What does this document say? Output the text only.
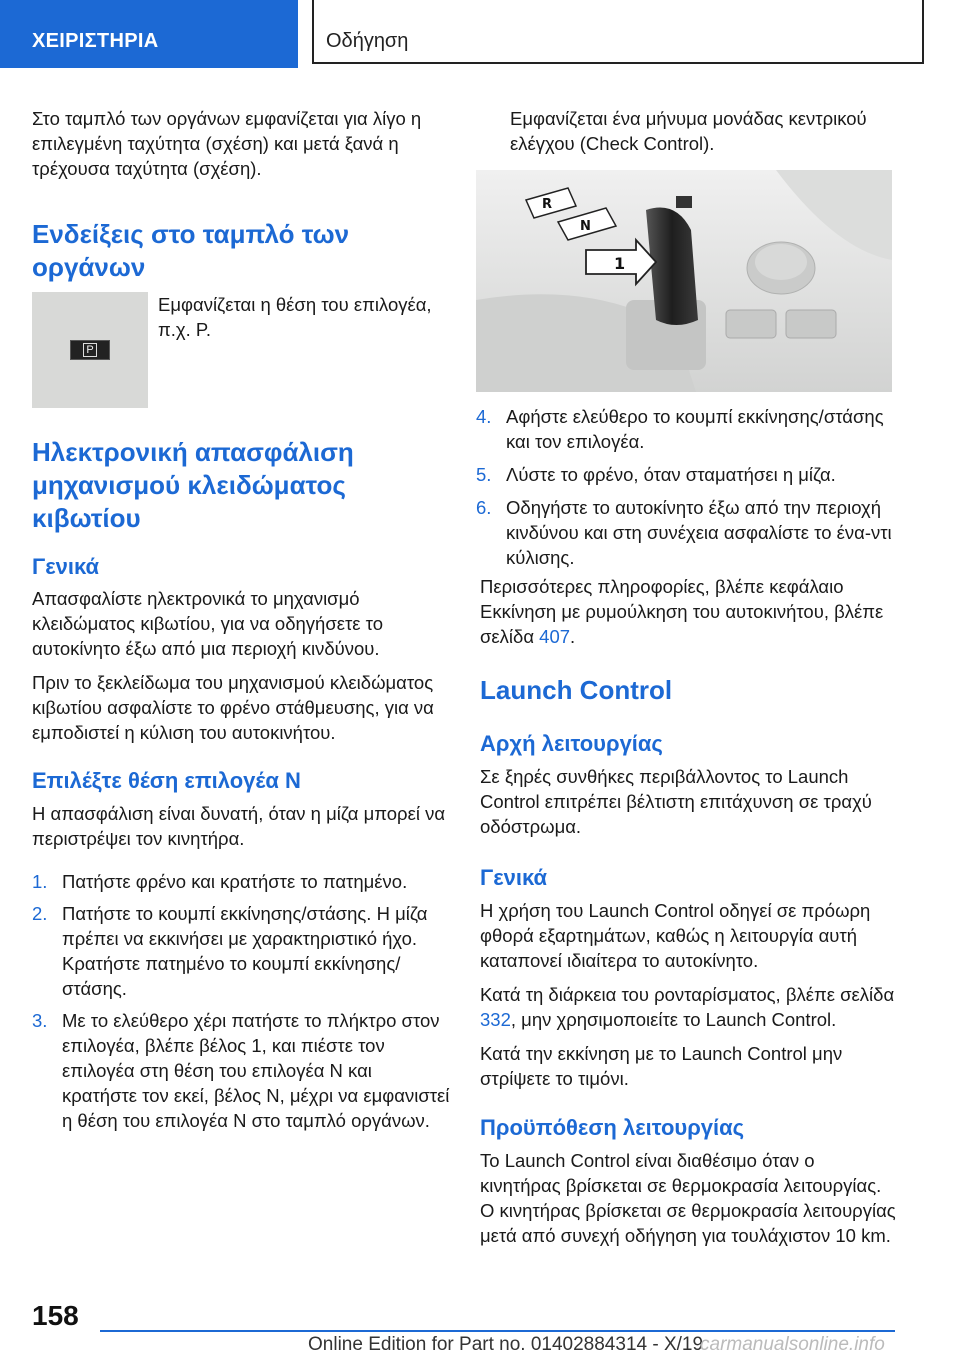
ΧΕΙΡΙΣΤΗΡΙΑ	Οδήγηση

Στο ταμπλό των οργάνων εμφανίζεται για λίγο η επιλεγμένη ταχύτητα (σχέση) και μετά ξανά η τρέχουσα ταχύτητα (σχέση).

Ενδείξεις στο ταμπλό των οργάνων
P

Εμφανίζεται η θέση του επιλογέα, π.χ. P.

Ηλεκτρονική απασφάλιση μηχανισμού κλειδώματος κιβωτίου
Γενικά

Απασφαλίστε ηλεκτρονικά το μηχανισμό κλειδώματος κιβωτίου, για να οδηγήσετε το αυτοκίνητο έξω από μια περιοχή κινδύνου.

Πριν το ξεκλείδωμα του μηχανισμού κλειδώματος κιβωτίου ασφαλίστε το φρένο στάθμευσης, για να εμποδιστεί η κύλιση του αυτοκινήτου.

Επιλέξτε θέση επιλογέα N

Η απασφάλιση είναι δυνατή, όταν η μίζα μπορεί να περιστρέψει τον κινητήρα.

1. Πατήστε φρένο και κρατήστε το πατημένο.
2. Πατήστε το κουμπί εκκίνησης/στάσης. Η μίζα πρέπει να εκκινήσει με χαρακτηριστικό ήχο. Κρατήστε πατημένο το κουμπί εκκίνησης/στάσης.
3. Με το ελεύθερο χέρι πατήστε το πλήκτρο στον επιλογέα, βλέπε βέλος 1, και πιέστε τον επιλογέα στη θέση του επιλογέα N και κρατήστε τον εκεί, βέλος N, μέχρι να εμφανιστεί η θέση του επιλογέα N στο ταμπλό οργάνων.

Εμφανίζεται ένα μήνυμα μονάδας κεντρικού ελέγχου (Check Control).

R
N
1
4. Αφήστε ελεύθερο το κουμπί εκκίνησης/στάσης και τον επιλογέα.
5. Λύστε το φρένο, όταν σταματήσει η μίζα.
6. Οδηγήστε το αυτοκίνητο έξω από την περιοχή κινδύνου και στη συνέχεια ασφαλίστε το ένα-ντι κύλισης.

Περισσότερες πληροφορίες, βλέπε κεφάλαιο Εκκίνηση με ρυμούλκηση του αυτοκινήτου, βλέπε σελίδα 407.

Launch Control
Αρχή λειτουργίας

Σε ξηρές συνθήκες περιβάλλοντος το Launch Control επιτρέπει βέλτιστη επιτάχυνση σε τραχύ οδόστρωμα.

Γενικά

Η χρήση του Launch Control οδηγεί σε πρόωρη φθορά εξαρτημάτων, καθώς η λειτουργία αυτή καταπονεί ιδιαίτερα το αυτοκίνητο.

Κατά τη διάρκεια του ρονταρίσματος, βλέπε σελίδα 332, μην χρησιμοποιείτε το Launch Control.

Κατά την εκκίνηση με το Launch Control μην στρίψετε το τιμόνι.

Προϋπόθεση λειτουργίας

Το Launch Control είναι διαθέσιμο όταν ο κινητήρας βρίσκεται σε θερμοκρασία λειτουργίας. Ο κινητήρας βρίσκεται σε θερμοκρασία λειτουργίας μετά από συνεχή οδήγηση για τουλάχιστον 10 km.

158
Online Edition for Part no. 01402884314 - X/19
carmanualsonline.info
